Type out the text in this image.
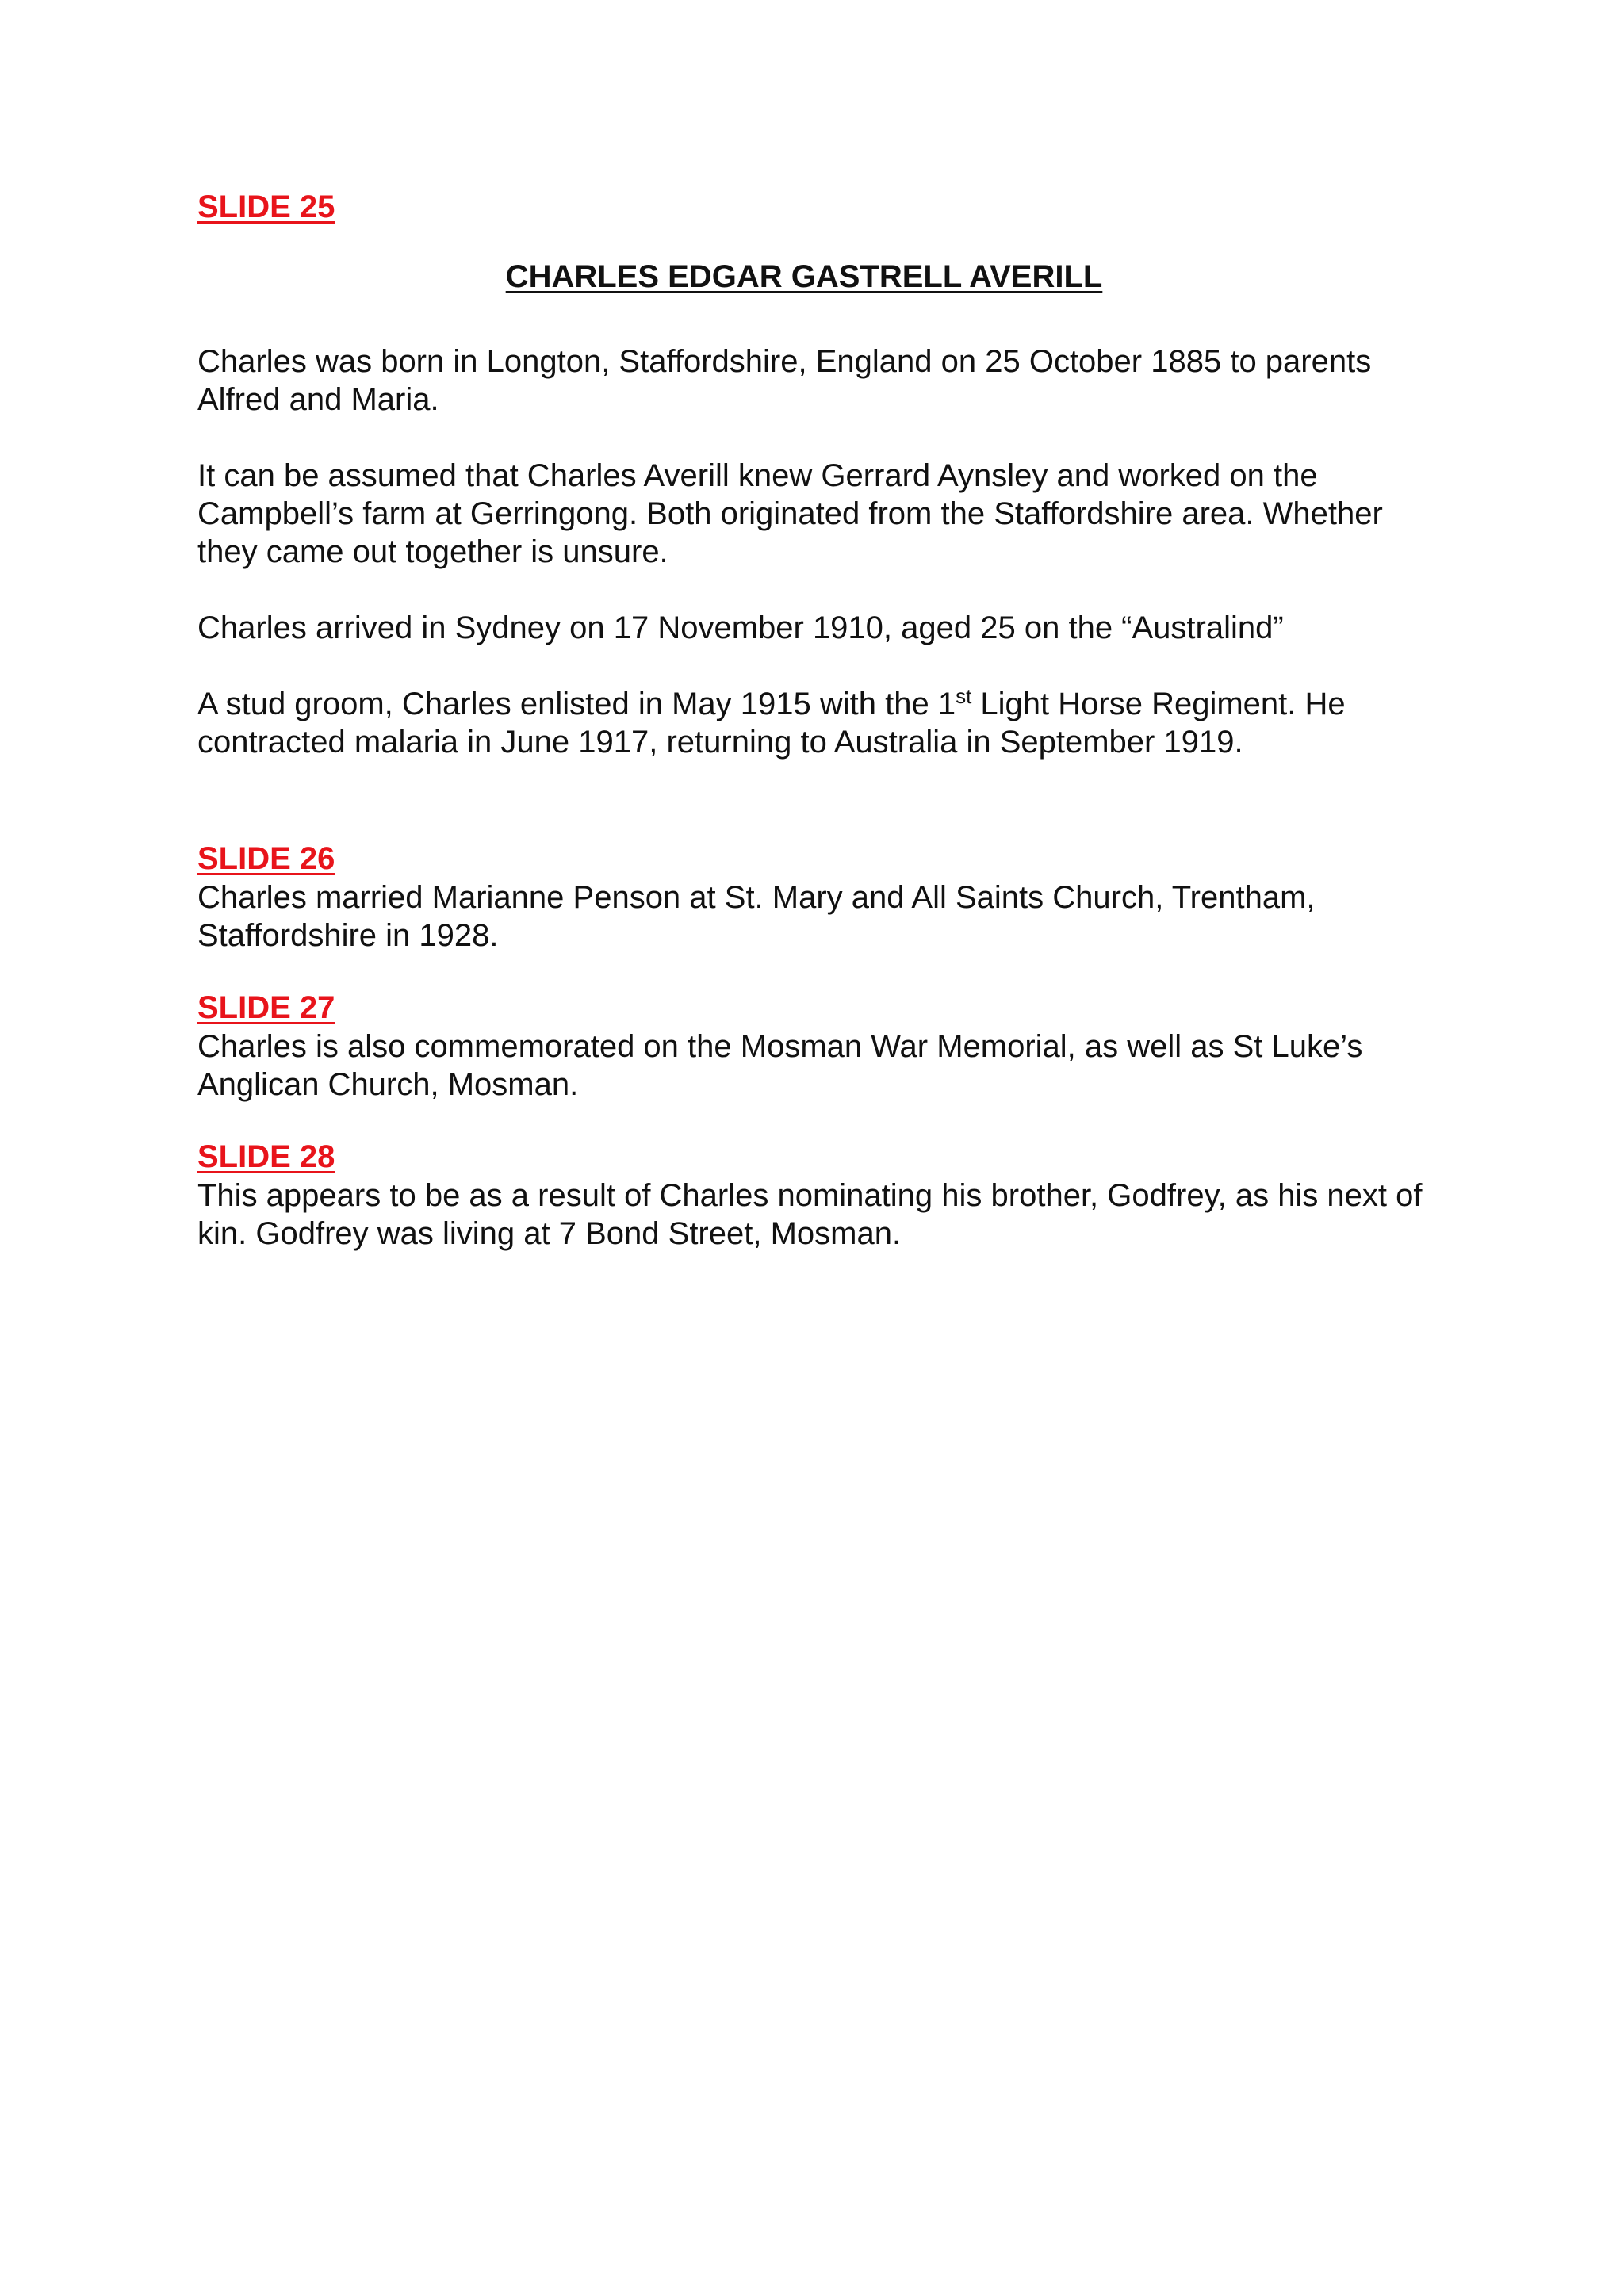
SLIDE 25

CHARLES EDGAR GASTRELL AVERILL

Charles was born in Longton, Staffordshire, England on 25 October 1885 to parents Alfred and Maria.

It can be assumed that Charles Averill knew Gerrard Aynsley and worked on the Campbell’s farm at Gerringong. Both originated from the Staffordshire area. Whether they came out together is unsure.

Charles arrived in Sydney on 17 November 1910, aged 25 on the “Australind”

A stud groom, Charles enlisted in May 1915 with the 1st Light Horse Regiment. He contracted malaria in June 1917, returning to Australia in September 1919.

SLIDE 26

Charles married Marianne Penson at St. Mary and All Saints Church, Trentham, Staffordshire in 1928.

SLIDE 27

Charles is also commemorated on the Mosman War Memorial, as well as St Luke’s Anglican Church, Mosman.

SLIDE 28

This appears to be as a result of Charles nominating his brother, Godfrey, as his next of kin. Godfrey was living at 7 Bond Street, Mosman.
